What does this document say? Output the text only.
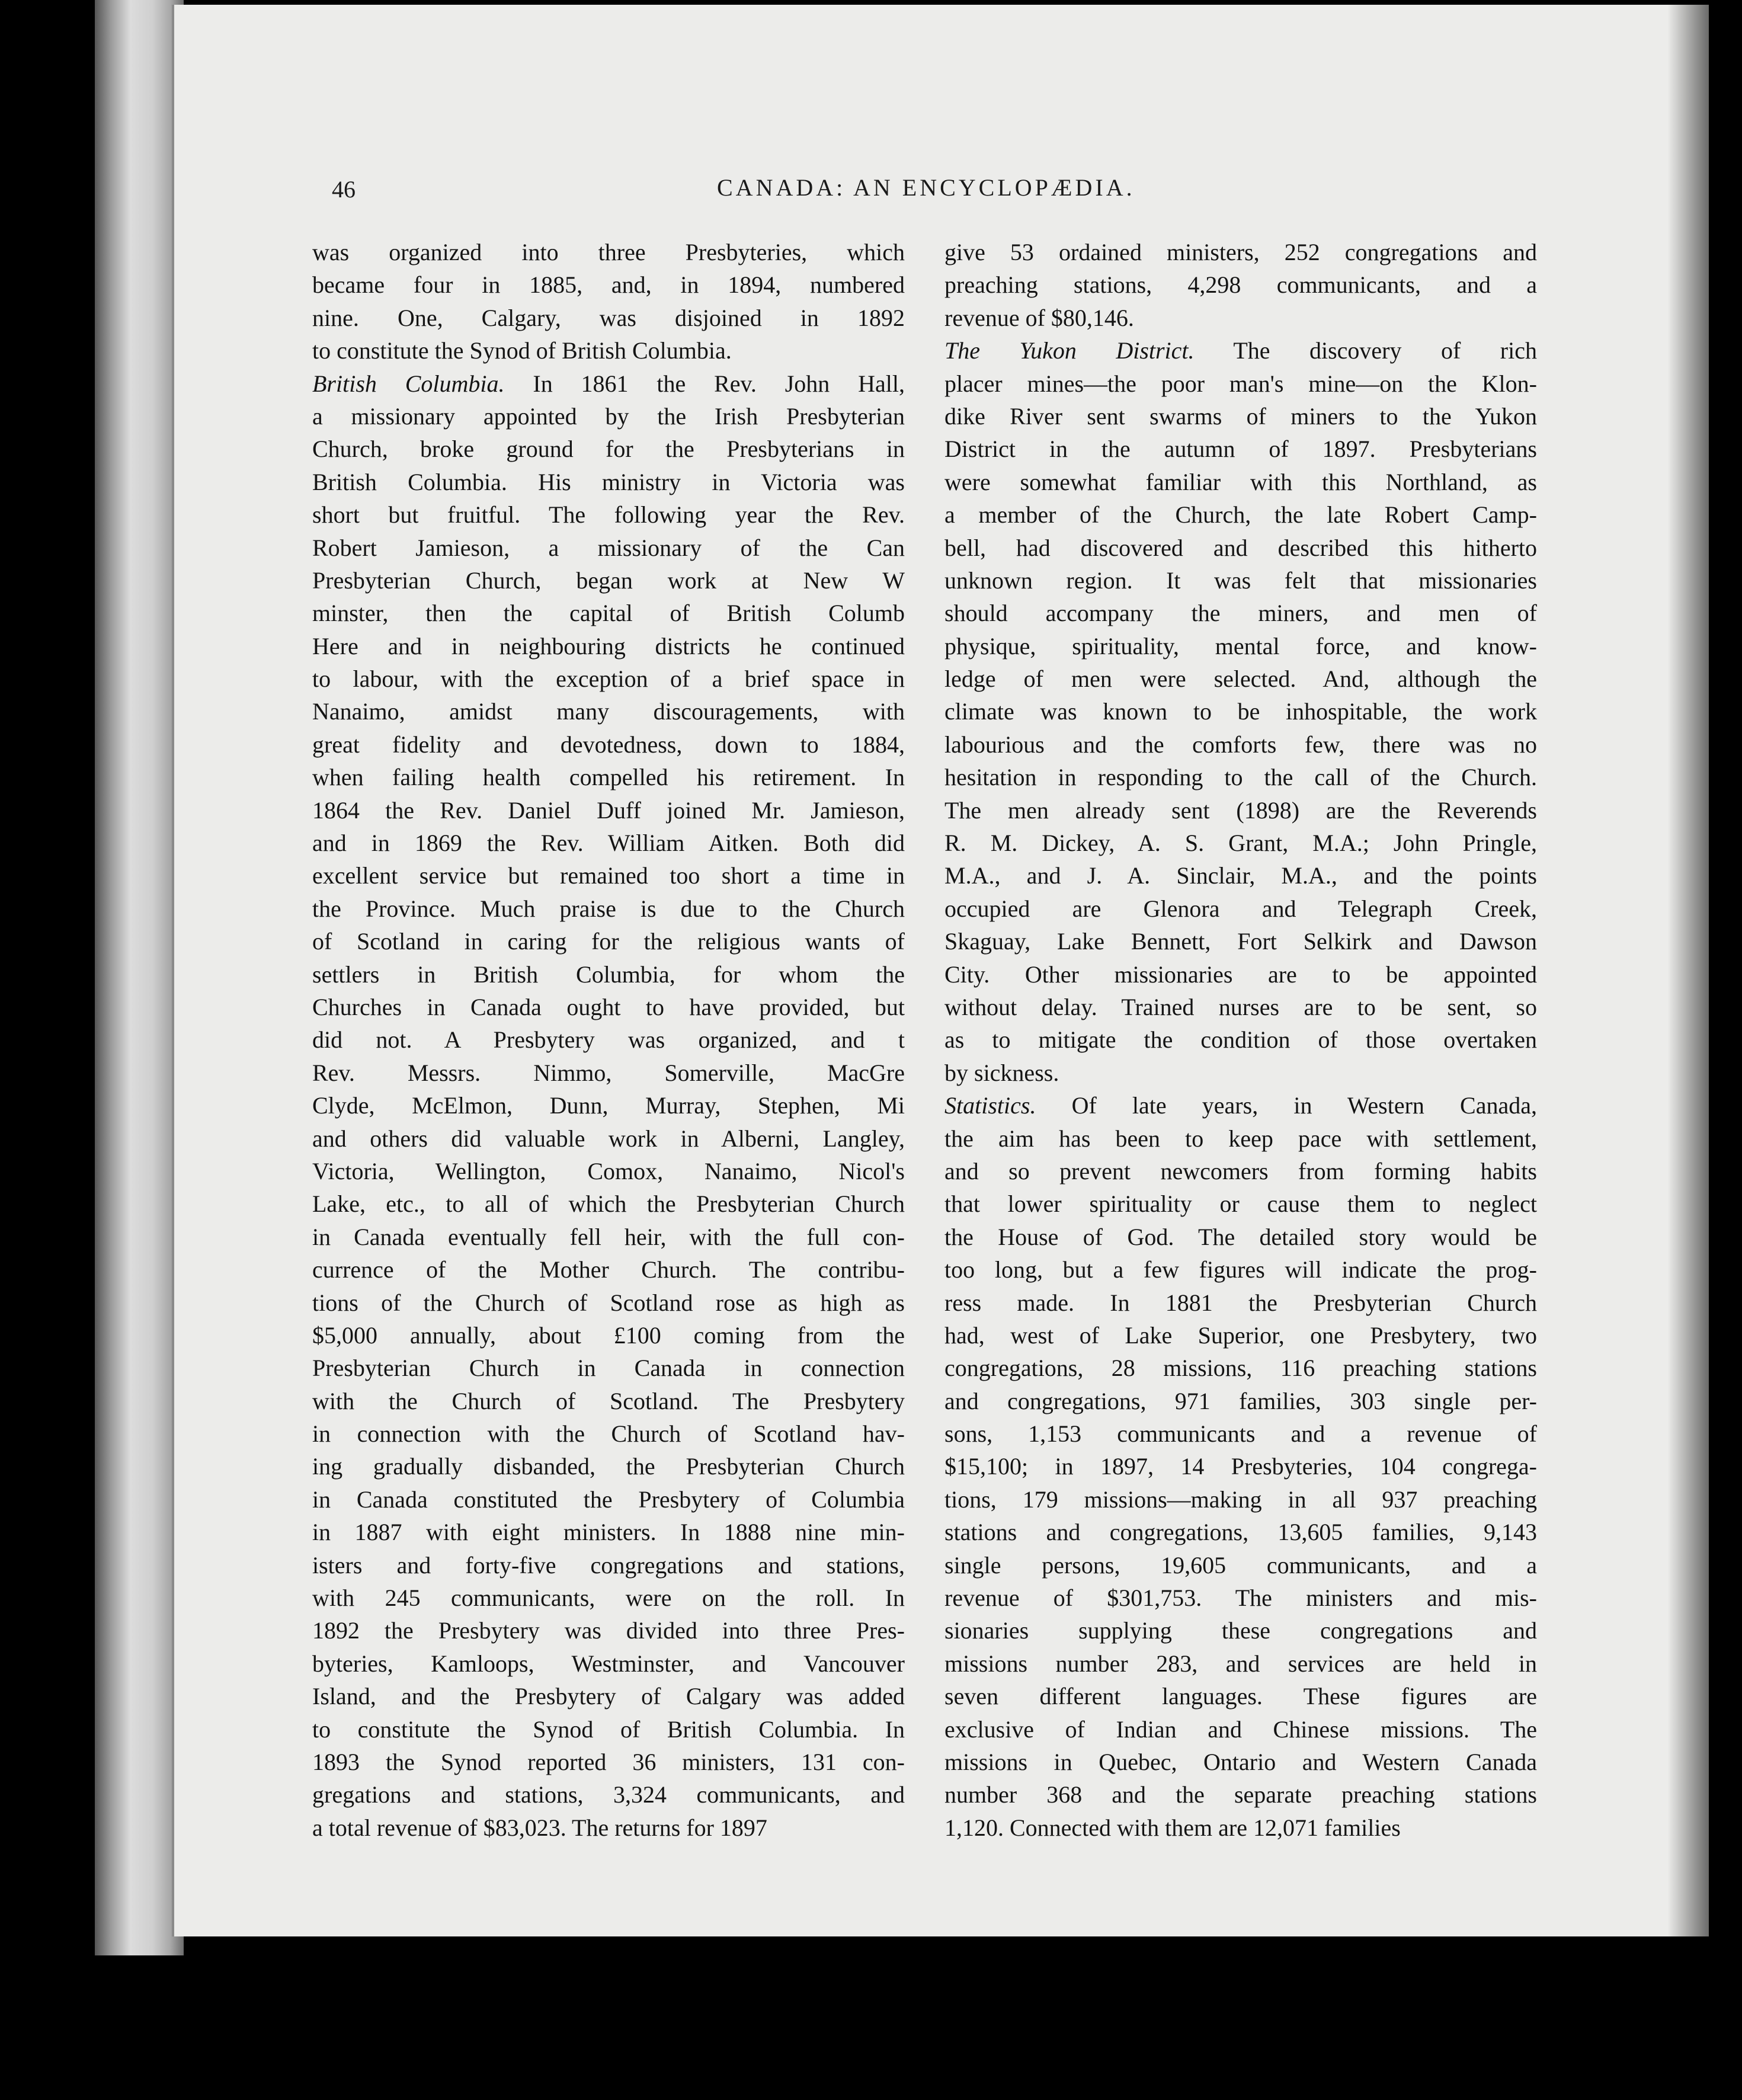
46	CANADA: AN ENCYCLOPÆDIA.
was organized into three Presbyteries, which
became four in 1885, and, in 1894, numbered
nine. One, Calgary, was disjoined in 1892
to constitute the Synod of British Columbia.
British Columbia. In 1861 the Rev. John Hall,
a missionary appointed by the Irish Presbyterian
Church, broke ground for the Presbyterians in
British Columbia. His ministry in Victoria was
short but fruitful. The following year the Rev.
Robert Jamieson, a missionary of the Can
Presbyterian Church, began work at New W
minster, then the capital of British Columb
Here and in neighbouring districts he continued
to labour, with the exception of a brief space in
Nanaimo, amidst many discouragements, with
great fidelity and devotedness, down to 1884,
when failing health compelled his retirement. In
1864 the Rev. Daniel Duff joined Mr. Jamieson,
and in 1869 the Rev. William Aitken. Both did
excellent service but remained too short a time in
the Province. Much praise is due to the Church
of Scotland in caring for the religious wants of
settlers in British Columbia, for whom the
Churches in Canada ought to have provided, but
did not. A Presbytery was organized, and t
Rev. Messrs. Nimmo, Somerville, MacGre
Clyde, McElmon, Dunn, Murray, Stephen, Mi
and others did valuable work in Alberni, Langley,
Victoria, Wellington, Comox, Nanaimo, Nicol's
Lake, etc., to all of which the Presbyterian Church
in Canada eventually fell heir, with the full con-
currence of the Mother Church. The contribu-
tions of the Church of Scotland rose as high as
$5,000 annually, about £100 coming from the
Presbyterian Church in Canada in connection
with the Church of Scotland. The Presbytery
in connection with the Church of Scotland hav-
ing gradually disbanded, the Presbyterian Church
in Canada constituted the Presbytery of Columbia
in 1887 with eight ministers. In 1888 nine min-
isters and forty-five congregations and stations,
with 245 communicants, were on the roll. In
1892 the Presbytery was divided into three Pres-
byteries, Kamloops, Westminster, and Vancouver
Island, and the Presbytery of Calgary was added
to constitute the Synod of British Columbia. In
1893 the Synod reported 36 ministers, 131 con-
gregations and stations, 3,324 communicants, and
a total revenue of $83,023. The returns for 1897
give 53 ordained ministers, 252 congregations and
preaching stations, 4,298 communicants, and a
revenue of $80,146.
The Yukon District. The discovery of rich
placer mines—the poor man's mine—on the Klon-
dike River sent swarms of miners to the Yukon
District in the autumn of 1897. Presbyterians
were somewhat familiar with this Northland, as
a member of the Church, the late Robert Camp-
bell, had discovered and described this hitherto
unknown region. It was felt that missionaries
should accompany the miners, and men of
physique, spirituality, mental force, and know-
ledge of men were selected. And, although the
climate was known to be inhospitable, the work
labourious and the comforts few, there was no
hesitation in responding to the call of the Church.
The men already sent (1898) are the Reverends
R. M. Dickey, A. S. Grant, M.A.; John Pringle,
M.A., and J. A. Sinclair, M.A., and the points
occupied are Glenora and Telegraph Creek,
Skaguay, Lake Bennett, Fort Selkirk and Dawson
City. Other missionaries are to be appointed
without delay. Trained nurses are to be sent, so
as to mitigate the condition of those overtaken
by sickness.
Statistics. Of late years, in Western Canada,
the aim has been to keep pace with settlement,
and so prevent newcomers from forming habits
that lower spirituality or cause them to neglect
the House of God. The detailed story would be
too long, but a few figures will indicate the prog-
ress made. In 1881 the Presbyterian Church
had, west of Lake Superior, one Presbytery, two
congregations, 28 missions, 116 preaching stations
and congregations, 971 families, 303 single per-
sons, 1,153 communicants and a revenue of
$15,100; in 1897, 14 Presbyteries, 104 congrega-
tions, 179 missions—making in all 937 preaching
stations and congregations, 13,605 families, 9,143
single persons, 19,605 communicants, and a
revenue of $301,753. The ministers and mis-
sionaries supplying these congregations and
missions number 283, and services are held in
seven different languages. These figures are
exclusive of Indian and Chinese missions. The
missions in Quebec, Ontario and Western Canada
number 368 and the separate preaching stations
1,120. Connected with them are 12,071 families
